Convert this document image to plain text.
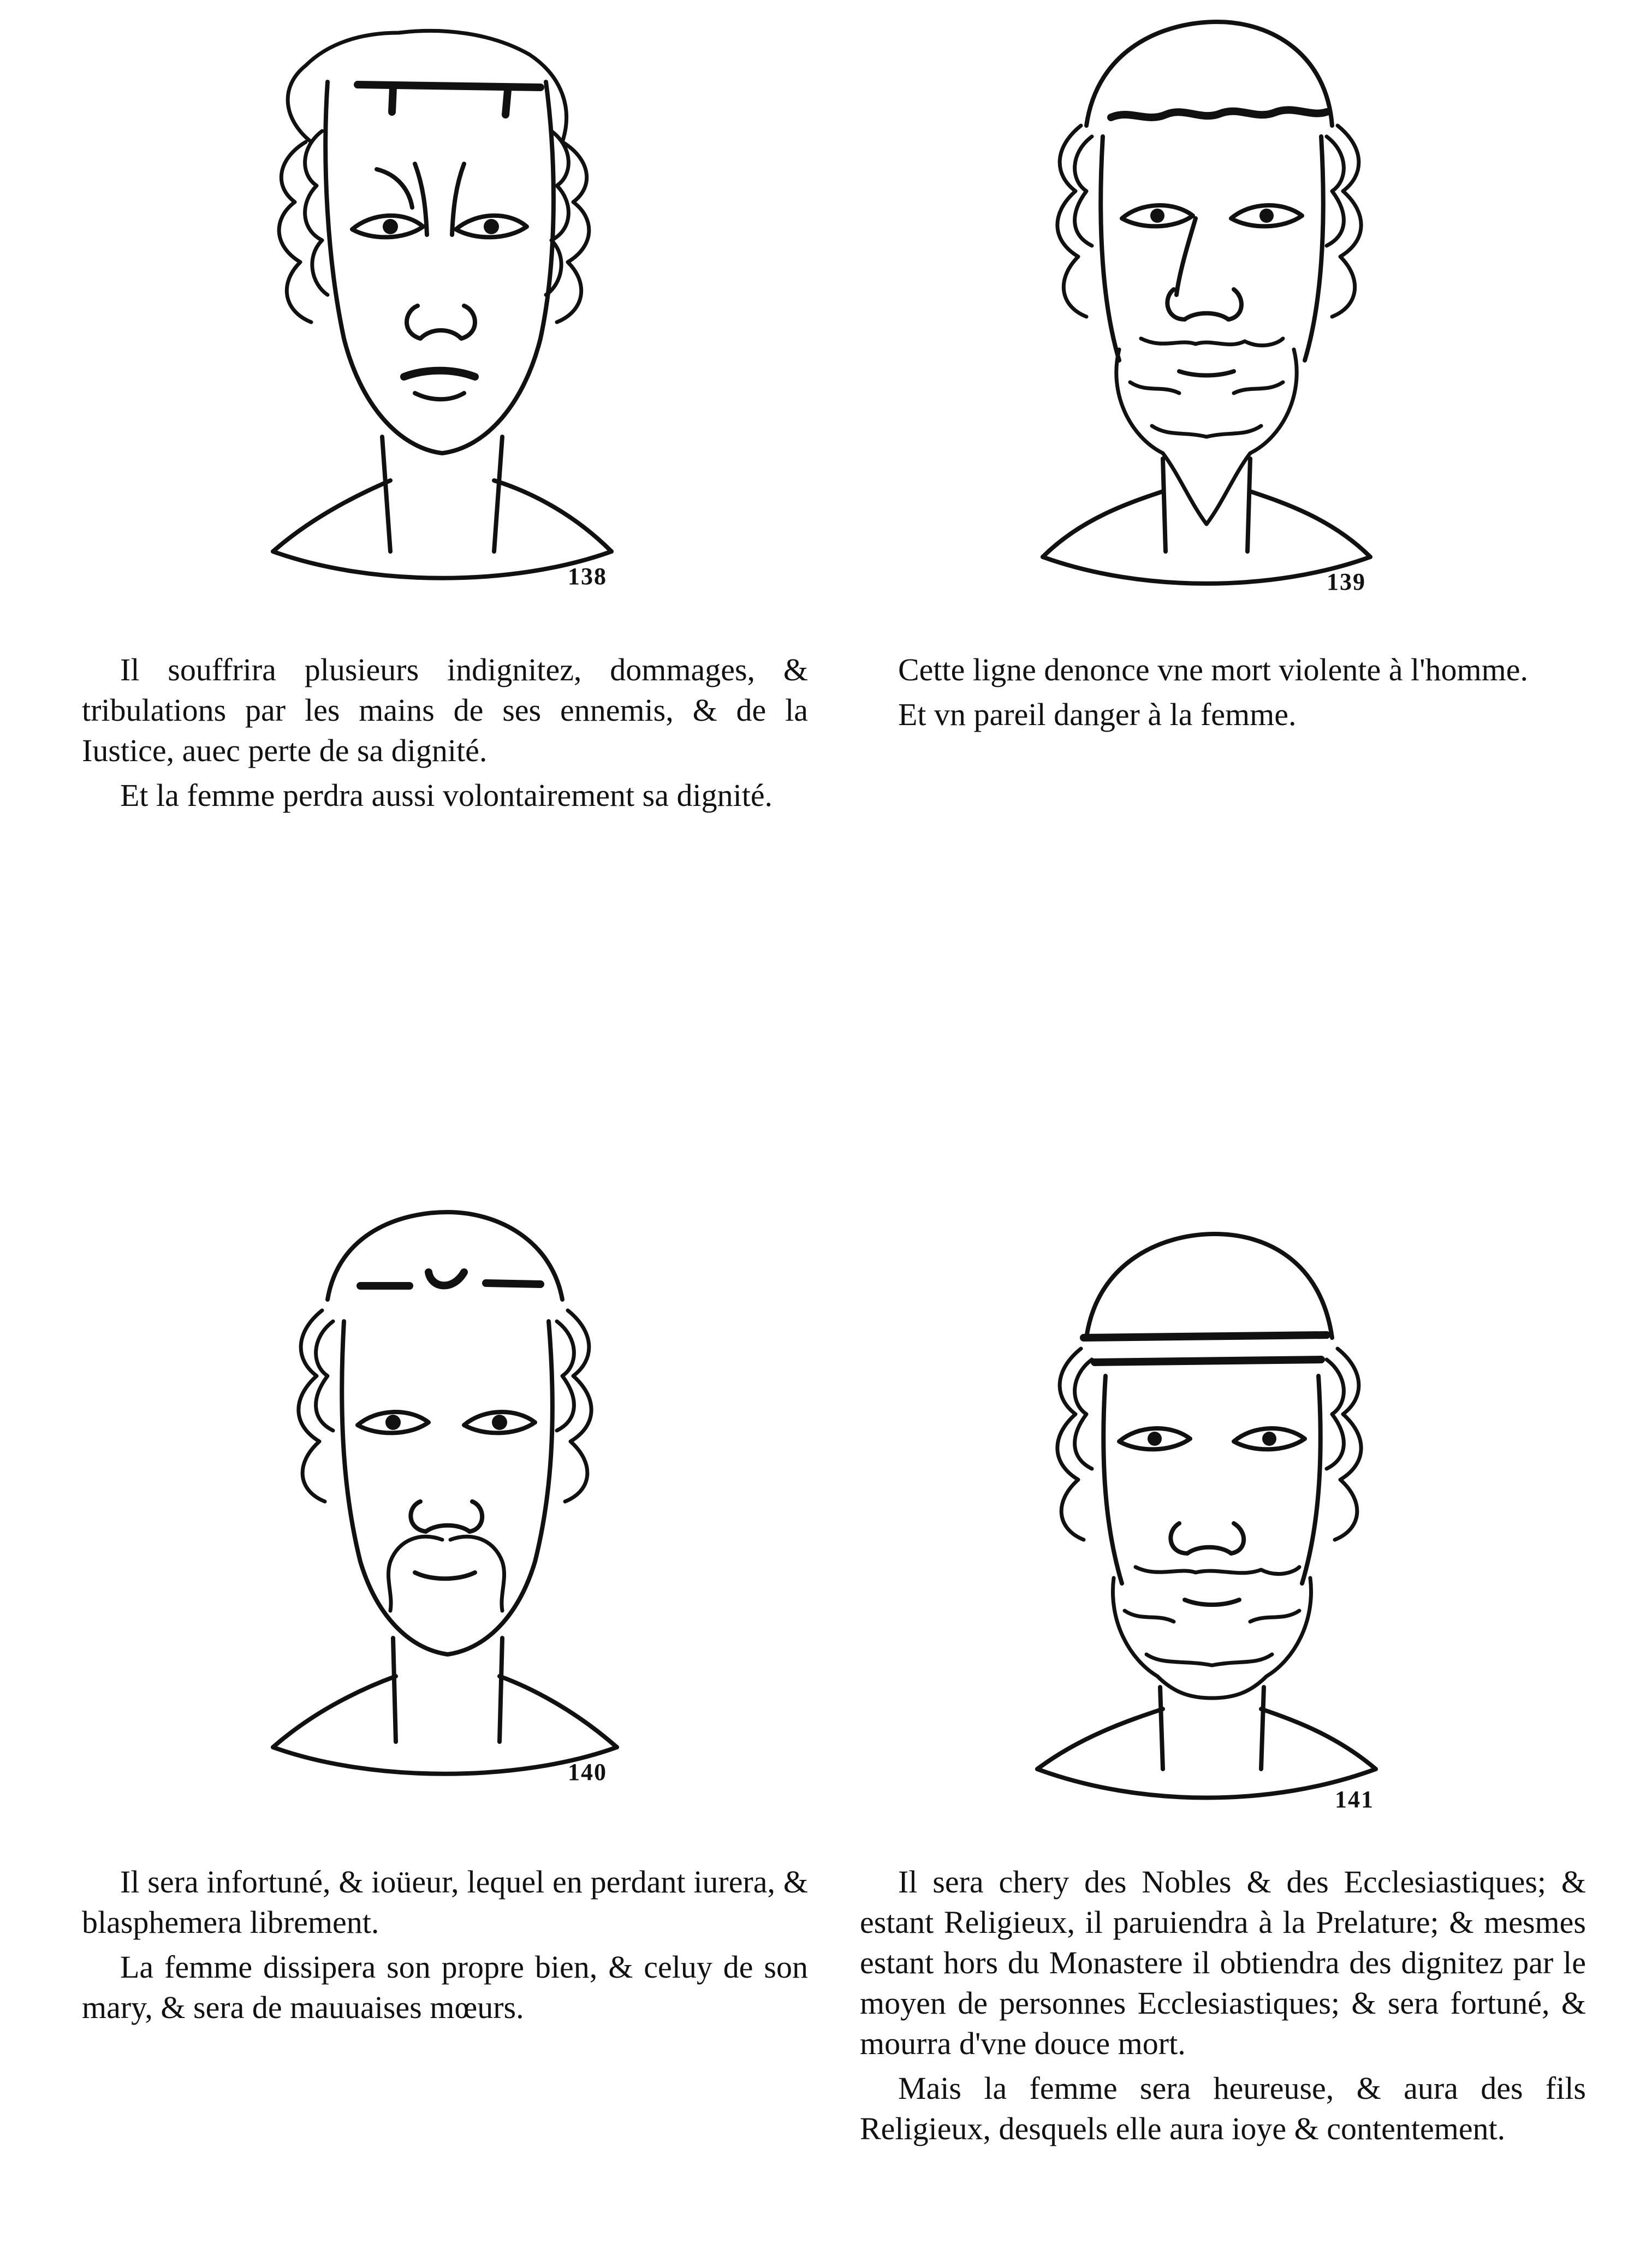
138

Il souffrira plusieurs indignitez, dommages, & tribulations par les mains de ses ennemis, & de la Iustice, auec perte de sa dignité.

Et la femme perdra aussi volontairement sa dignité.

139

Cette ligne denonce vne mort violente à l'homme.

Et vn pareil danger à la femme.

140

Il sera infortuné, & ioüeur, lequel en perdant iurera, & blasphemera librement.

La femme dissipera son propre bien, & celuy de son mary, & sera de mauuaises mœurs.

141

Il sera chery des Nobles & des Ecclesiastiques; & estant Religieux, il paruiendra à la Prelature; & mesmes estant hors du Monastere il obtiendra des dignitez par le moyen de personnes Ecclesiastiques; & sera fortuné, & mourra d'vne douce mort.

Mais la femme sera heureuse, & aura des fils Religieux, desquels elle aura ioye & contentement.
